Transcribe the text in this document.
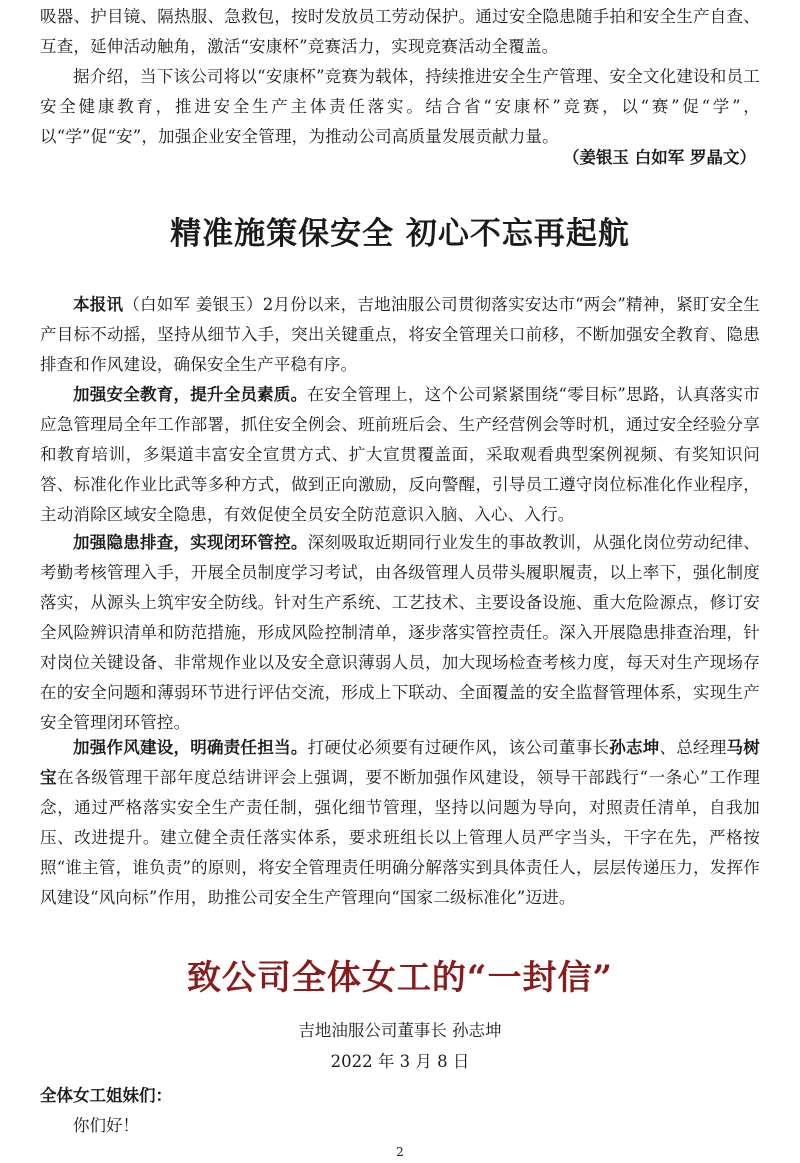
吸器、护目镜、隔热服、急救包，按时发放员工劳动保护。通过安全隐患随手拍和安全生产自查、互查，延伸活动触角，激活“安康杯”竞赛活力，实现竞赛活动全覆盖。

据介绍，当下该公司将以“安康杯”竞赛为载体，持续推进安全生产管理、安全文化建设和员工安全健康教育，推进安全生产主体责任落实。结合省“安康杯”竞赛，以“赛”促“学”，以“学”促“安”，加强企业安全管理，为推动公司高质量发展贡献力量。

（姜银玉 白如军 罗晶文）

精准施策保安全 初心不忘再起航

本报讯（白如军 姜银玉）2月份以来，吉地油服公司贯彻落实安达市“两会”精神，紧盯安全生产目标不动摇，坚持从细节入手，突出关键重点，将安全管理关口前移，不断加强安全教育、隐患排查和作风建设，确保安全生产平稳有序。

加强安全教育，提升全员素质。在安全管理上，这个公司紧紧围绕“零目标”思路，认真落实市应急管理局全年工作部署，抓住安全例会、班前班后会、生产经营例会等时机，通过安全经验分享和教育培训，多渠道丰富安全宣贯方式、扩大宣贯覆盖面，采取观看典型案例视频、有奖知识问答、标准化作业比武等多种方式，做到正向激励，反向警醒，引导员工遵守岗位标准化作业程序，主动消除区域安全隐患，有效促使全员安全防范意识入脑、入心、入行。

加强隐患排查，实现闭环管控。深刻吸取近期同行业发生的事故教训，从强化岗位劳动纪律、考勤考核管理入手，开展全员制度学习考试，由各级管理人员带头履职履责，以上率下，强化制度落实，从源头上筑牢安全防线。针对生产系统、工艺技术、主要设备设施、重大危险源点，修订安全风险辨识清单和防范措施，形成风险控制清单，逐步落实管控责任。深入开展隐患排查治理，针对岗位关键设备、非常规作业以及安全意识薄弱人员，加大现场检查考核力度，每天对生产现场存在的安全问题和薄弱环节进行评估交流，形成上下联动、全面覆盖的安全监督管理体系，实现生产安全管理闭环管控。

加强作风建设，明确责任担当。打硬仗必须要有过硬作风，该公司董事长孙志坤、总经理马树宝在各级管理干部年度总结讲评会上强调，要不断加强作风建设，领导干部践行“一条心”工作理念，通过严格落实安全生产责任制，强化细节管理，坚持以问题为导向，对照责任清单，自我加压、改进提升。建立健全责任落实体系，要求班组长以上管理人员严字当头，干字在先，严格按照“谁主管，谁负责”的原则，将安全管理责任明确分解落实到具体责任人，层层传递压力，发挥作风建设“风向标”作用，助推公司安全生产管理向“国家二级标准化”迈进。

致公司全体女工的“一封信”

吉地油服公司董事长 孙志坤

2022 年 3 月 8 日

全体女工姐妹们：

你们好！

2
